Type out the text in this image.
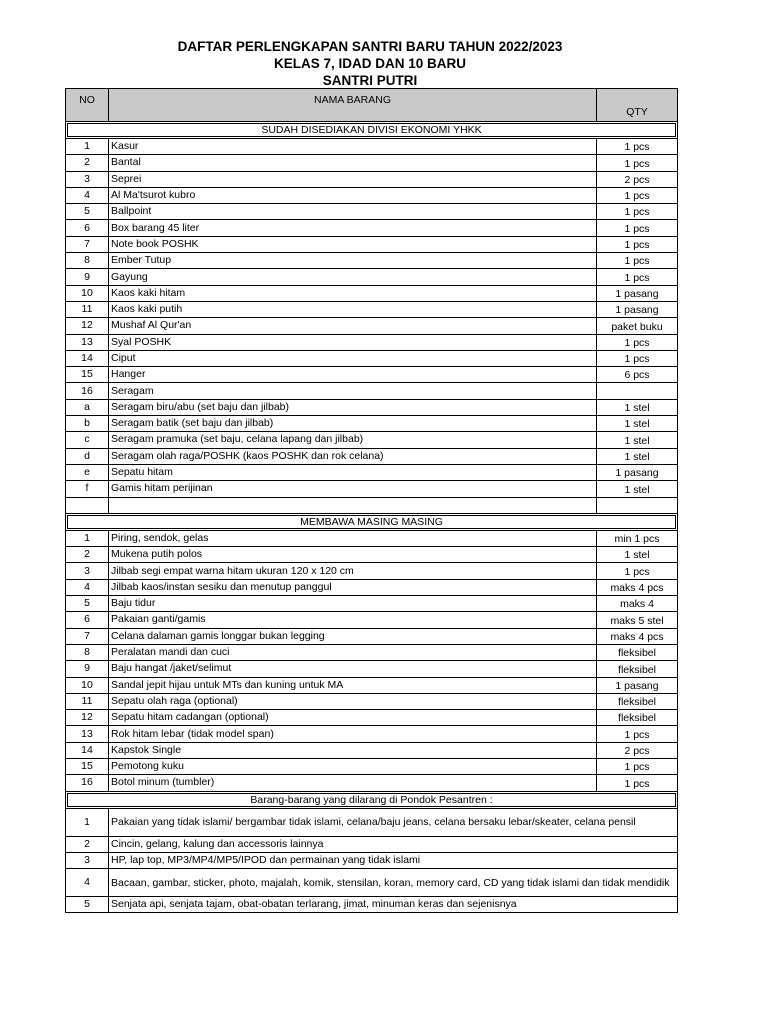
DAFTAR PERLENGKAPAN SANTRI BARU TAHUN 2022/2023
KELAS 7, IDAD DAN 10 BARU
SANTRI PUTRI
NO	NAMA BARANG	QTY

SUDAH DISEDIAKAN DIVISI EKONOMI YHKK		

1	Kasur	1 pcs
2	Bantal	1 pcs
3	Seprei	2 pcs
4	Al Ma'tsurot kubro	1 pcs
5	Ballpoint	1 pcs
6	Box barang 45 liter	1 pcs
7	Note book POSHK	1 pcs
8	Ember Tutup	1 pcs
9	Gayung	1 pcs
10	Kaos kaki hitam	1 pasang
11	Kaos kaki putih	1 pasang
12	Mushaf Al Qur'an	paket buku
13	Syal POSHK	1 pcs
14	Ciput	1 pcs
15	Hanger	6 pcs
16	Seragam	
a	Seragam biru/abu (set baju dan jilbab)	1 stel
b	Seragam batik (set baju dan jilbab)	1 stel
c	Seragam pramuka (set baju, celana lapang dan jilbab)	1 stel
d	Seragam olah raga/POSHK (kaos POSHK dan rok celana)	1 stel
e	Sepatu hitam	1 pasang
f	Gamis hitam perijinan	1 stel

MEMBAWA MASING MASING		

1	Piring, sendok, gelas	min 1 pcs
2	Mukena putih polos	1 stel
3	Jilbab segi empat warna hitam ukuran 120 x 120 cm	1 pcs
4	Jilbab kaos/instan sesiku dan menutup panggul	maks 4 pcs
5	Baju tidur	maks 4
6	Pakaian ganti/gamis	maks 5 stel
7	Celana dalaman gamis longgar bukan legging	maks 4 pcs
8	Peralatan mandi dan cuci	fleksibel
9	Baju hangat /jaket/selimut	fleksibel
10	Sandal jepit hijau untuk MTs dan kuning untuk MA	1 pasang
11	Sepatu olah raga (optional)	fleksibel
12	Sepatu hitam cadangan (optional)	fleksibel
13	Rok hitam lebar (tidak model span)	1 pcs
14	Kapstok Single	2 pcs
15	Pemotong kuku	1 pcs
16	Botol minum (tumbler)	1 pcs

Barang-barang yang dilarang di Pondok Pesantren :		

1	Pakaian yang tidak islami/ bergambar tidak islami, celana/baju jeans, celana bersaku lebar/skeater, celana pensil	
2	Cincin, gelang, kalung dan accessoris lainnya	
3	HP, lap top, MP3/MP4/MP5/IPOD dan permainan yang tidak islami	
4	Bacaan, gambar, sticker, photo, majalah, komik, stensilan, koran, memory card, CD yang tidak islami dan tidak mendidik	
5	Senjata api, senjata tajam, obat-obatan terlarang, jimat, minuman keras dan sejenisnya	
